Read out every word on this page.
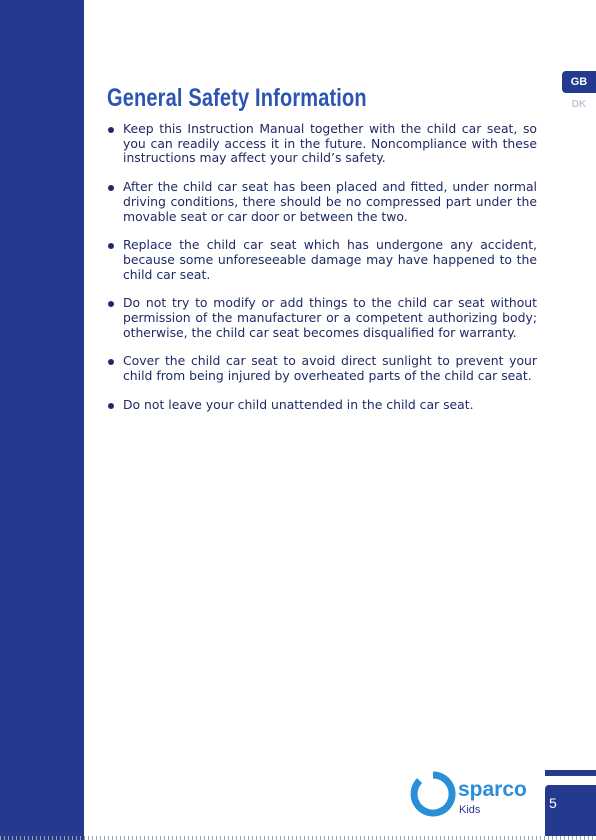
General Safety Information
Keep this Instruction Manual together with the child car seat, so you can readily access it in the future. Noncompliance with these instructions may affect your child’s safety.
After the child car seat has been placed and fitted, under normal driving conditions, there should be no compressed part under the movable seat or car door or between the two.
Replace the child car seat which has undergone any accident, because some unforeseeable damage may have happened to the child car seat.
Do not try to modify or add things to the child car seat without permission of the manufacturer or a competent authorizing body; otherwise, the child car seat becomes disqualified for warranty.
Cover the child car seat to avoid direct sunlight to prevent your child from being injured by overheated parts of the child car seat.
Do not leave your child unattended in the child car seat.
GB
DK
sparco
Kids	5
